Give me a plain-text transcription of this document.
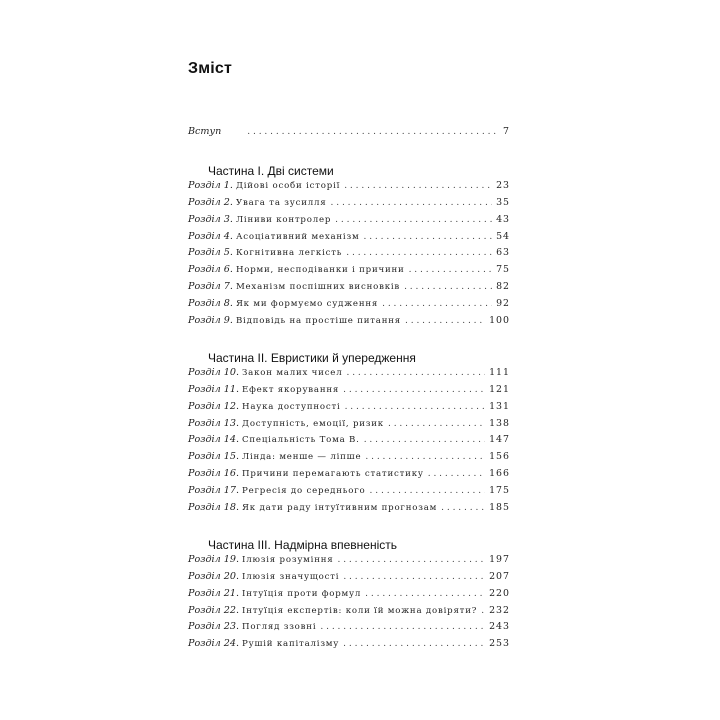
Зміст
Вступ . . .	7
Частина І. Дві системи
Розділ 1. Дійові особи історії . . .	23
Розділ 2. Увага та зусилля . . .	35
Розділ 3. Ліниви контролер . . .	43
Розділ 4. Асоціативний механізм . . .	54
Розділ 5. Когнітивна легкість . . .	63
Розділ 6. Норми, несподіванки і причини . . .	75
Розділ 7. Механізм поспішних висновків . . .	82
Розділ 8. Як ми формуємо судження . . .	92
Розділ 9. Відповідь на простіше питання . . .	100
Частина ІІ. Евристики й упередження
Розділ 10. Закон малих чисел . . .	111
Розділ 11. Ефект якорування . . .	121
Розділ 12. Наука доступності . . .	131
Розділ 13. Доступність, емоції, ризик . . .	138
Розділ 14. Спеціальність Тома В. . . .	147
Розділ 15. Лінда: менше — ліпше . . .	156
Розділ 16. Причини перемагають статистику . . .	166
Розділ 17. Регресія до середнього . . .	175
Розділ 18. Як дати раду інтуїтивним прогнозам . . .	185
Частина ІІІ. Надмірна впевненість
Розділ 19. Ілюзія розуміння . . .	197
Розділ 20. Ілюзія значущості . . .	207
Розділ 21. Інтуїція проти формул . . .	220
Розділ 22. Інтуїція експертів: коли їй можна довіряти? . . . 232
Розділ 23. Погляд ззовні . . .	243
Розділ 24. Рушій капіталізму . . .	253
